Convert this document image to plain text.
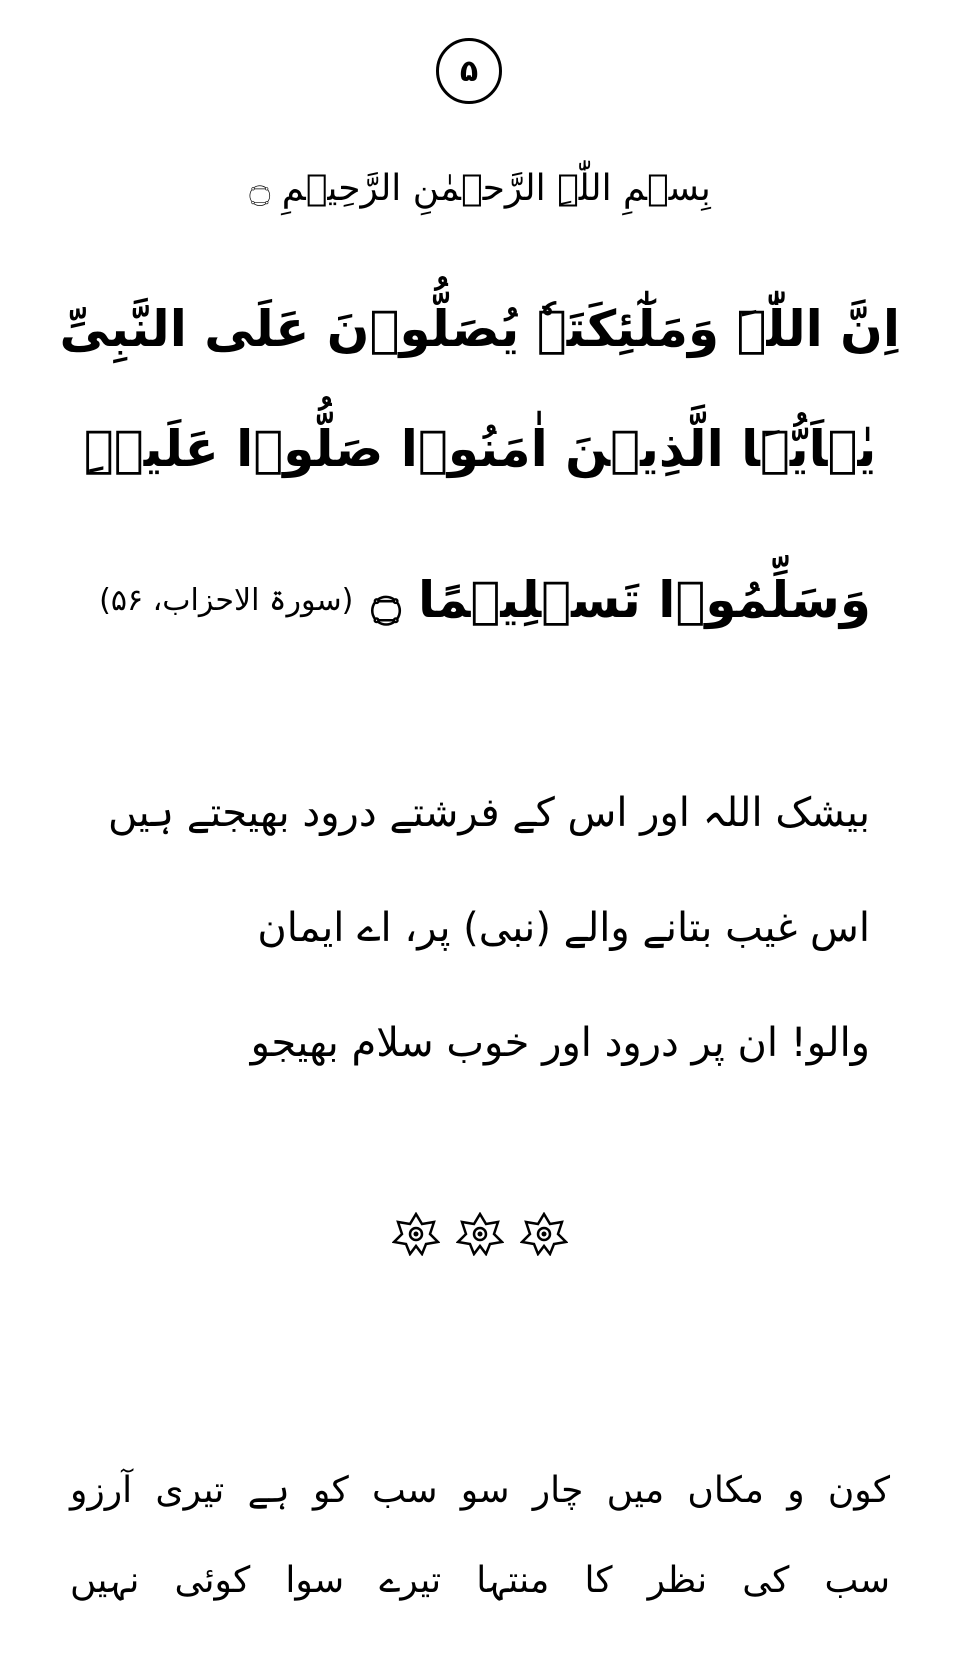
۵
بِسۡمِ اللّٰہِ الرَّحۡمٰنِ الرَّحِیۡمِ ۝
اِنَّ اللّٰہَ وَمَلٰٓئِکَتَہٗ یُصَلُّوۡنَ عَلَی النَّبِیِّ
یٰۤاَیُّہَا الَّذِیۡنَ اٰمَنُوۡا صَلُّوۡا عَلَیۡہِ
وَسَلِّمُوۡا تَسۡلِیۡمًا ۝
(سورۃ الاحزاب، ۵۶)
بیشک اللہ اور اس کے فرشتے درود بھیجتے ہیں
اس غیب بتانے والے (نبی) پر، اے ایمان
والو! ان پر درود اور خوب سلام بھیجو
کون و مکاں میں چار سو سب کو ہے تیری آرزو
سب کی نظر کا منتہا تیرے سوا کوئی نہیں
